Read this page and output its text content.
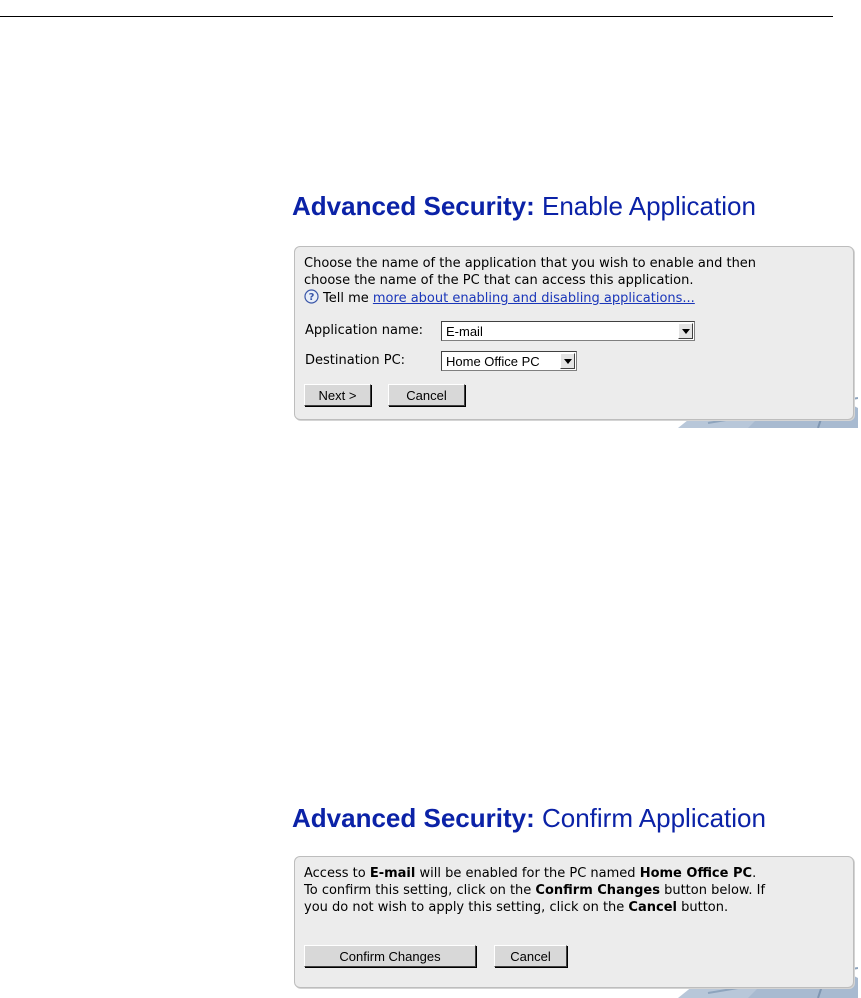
Advanced Security: Enable Application
Choose the name of the application that you wish to enable and then
choose the name of the PC that can access this application.
? Tell me more about enabling and disabling applications...
Application name: E-mail
Destination PC:	Home Office PC
Next >	Cancel
Advanced Security: Confirm Application
Access to E-mail will be enabled for the PC named Home Office PC.
To confirm this setting, click on the Confirm Changes button below. If
you do not wish to apply this setting, click on the Cancel button.
Confirm Changes	Cancel
